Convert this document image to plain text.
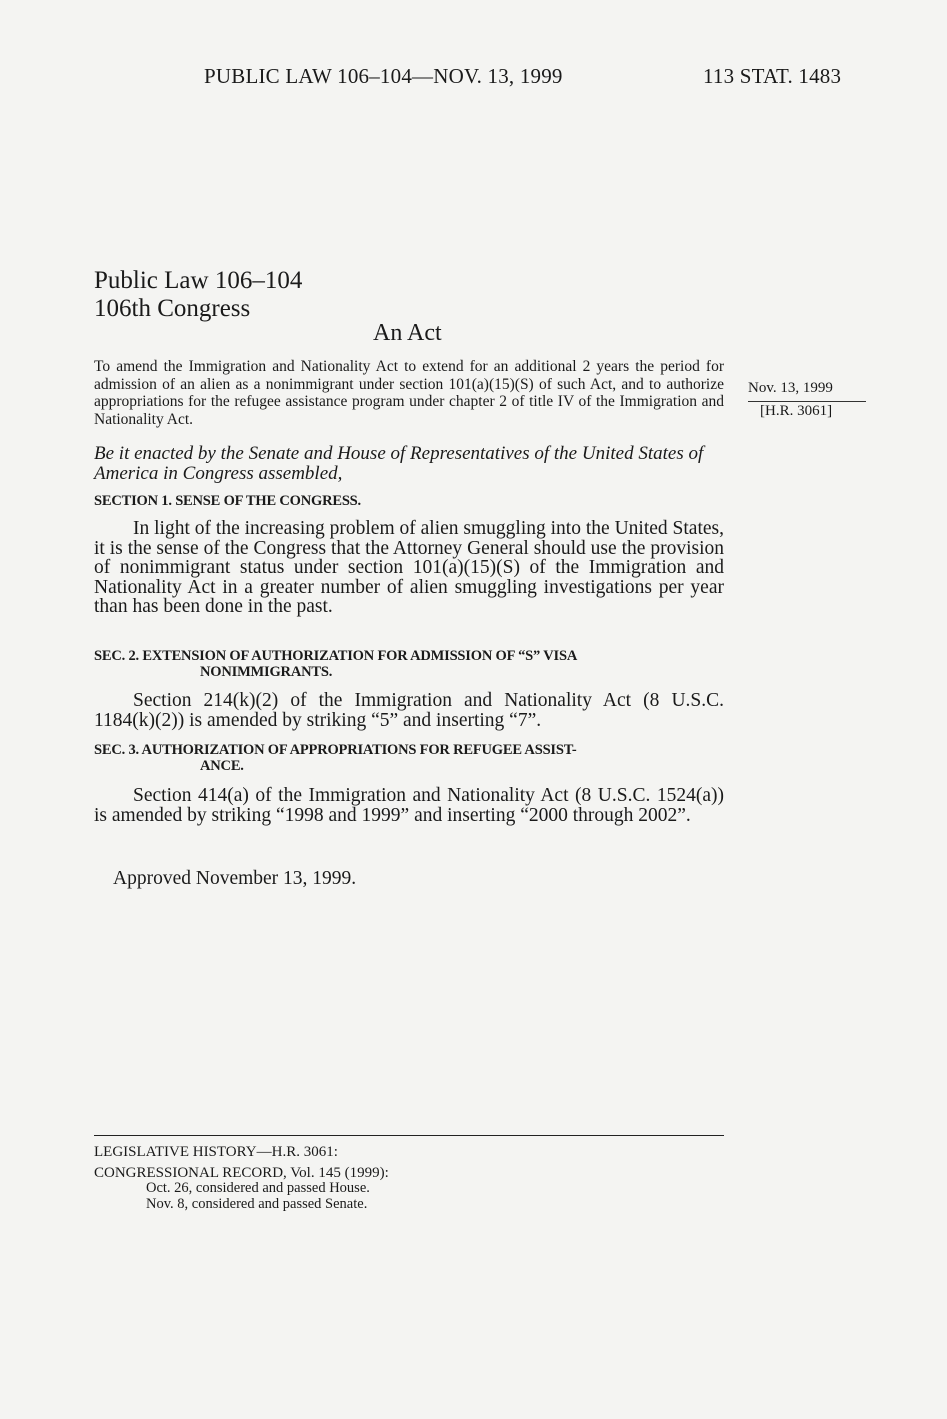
PUBLIC LAW 106–104—NOV. 13, 1999	113 STAT. 1483
Public Law 106–104
106th Congress
An Act
To amend the Immigration and Nationality Act to extend for an additional 2 years the period for admission of an alien as a nonimmigrant under section 101(a)(15)(S) of such Act, and to authorize appropriations for the refugee assistance program under chapter 2 of title IV of the Immigration and Nationality Act.
Nov. 13, 1999
[H.R. 3061]
Be it enacted by the Senate and House of Representatives of the United States of America in Congress assembled,
SECTION 1. SENSE OF THE CONGRESS.
In light of the increasing problem of alien smuggling into the United States, it is the sense of the Congress that the Attorney General should use the provision of nonimmigrant status under section 101(a)(15)(S) of the Immigration and Nationality Act in a greater number of alien smuggling investigations per year than has been done in the past.
SEC. 2. EXTENSION OF AUTHORIZATION FOR ADMISSION OF “S” VISA
NONIMMIGRANTS.
Section 214(k)(2) of the Immigration and Nationality Act (8 U.S.C. 1184(k)(2)) is amended by striking “5” and inserting “7”.
SEC. 3. AUTHORIZATION OF APPROPRIATIONS FOR REFUGEE ASSIST-
ANCE.
Section 414(a) of the Immigration and Nationality Act (8 U.S.C. 1524(a)) is amended by striking “1998 and 1999” and inserting “2000 through 2002”.
Approved November 13, 1999.
LEGISLATIVE HISTORY—H.R. 3061:
CONGRESSIONAL RECORD, Vol. 145 (1999):
Oct. 26, considered and passed House.
Nov. 8, considered and passed Senate.
